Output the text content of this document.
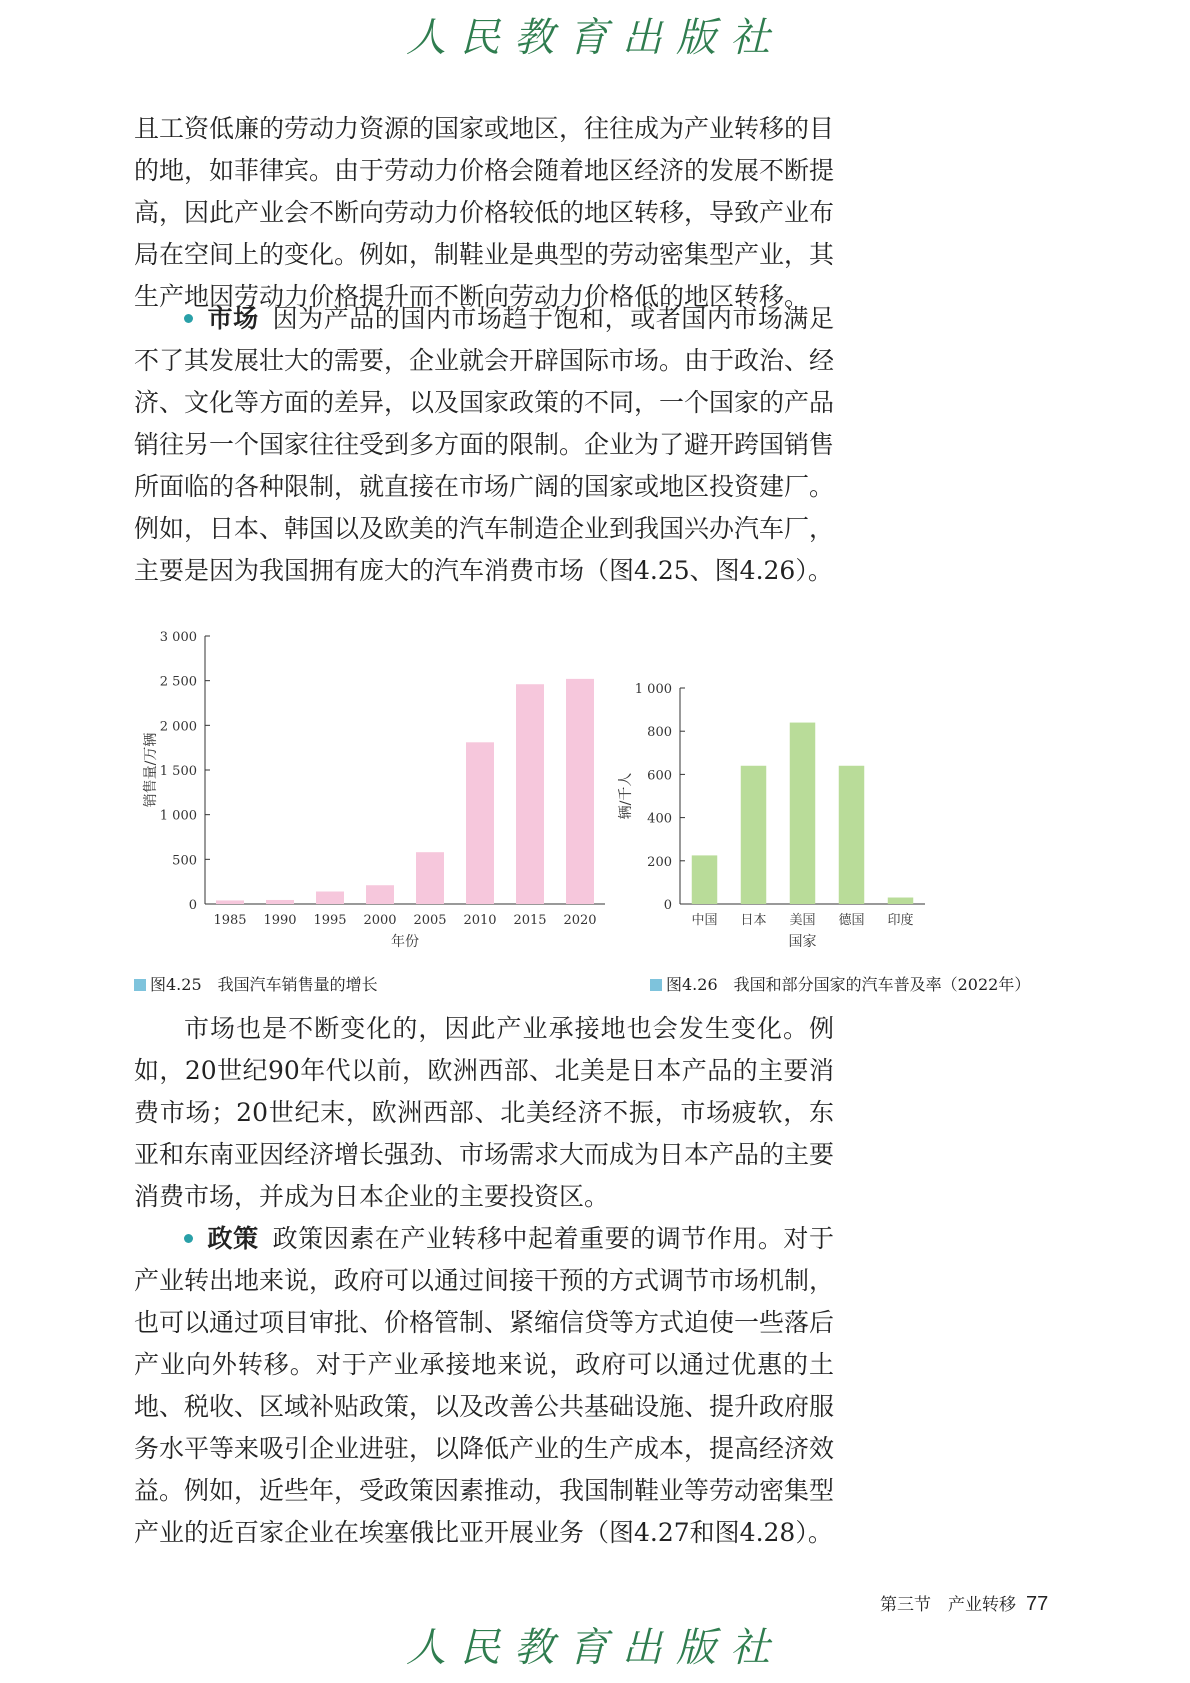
人民教育出版社

且工资低廉的劳动力资源的国家或地区，往往成为产业转移的目的地，如菲律宾。由于劳动力价格会随着地区经济的发展不断提高，因此产业会不断向劳动力价格较低的地区转移，导致产业布局在空间上的变化。例如，制鞋业是典型的劳动密集型产业，其生产地因劳动力价格提升而不断向劳动力价格低的地区转移。

市场 因为产品的国内市场趋于饱和，或者国内市场满足不了其发展壮大的需要，企业就会开辟国际市场。由于政治、经济、文化等方面的差异，以及国家政策的不同，一个国家的产品销往另一个国家往往受到多方面的限制。企业为了避开跨国销售所面临的各种限制，就直接在市场广阔的国家或地区投资建厂。例如，日本、韩国以及欧美的汽车制造企业到我国兴办汽车厂，主要是因为我国拥有庞大的汽车消费市场（图4.25、图4.26）。

0
500
1 000
1 500
2 000
2 500
3 000
1985 1990 1995 2000 2005 2010 2015 2020
年份
销售量/万辆
0
200
400
600
800
1 000
中国 日本 美国 德国 印度
国家
辆/千人
图4.25　我国汽车销售量的增长	图4.26　我国和部分国家的汽车普及率（2022年）

市场也是不断变化的，因此产业承接地也会发生变化。例如，20世纪90年代以前，欧洲西部、北美是日本产品的主要消费市场；20世纪末，欧洲西部、北美经济不振，市场疲软，东亚和东南亚因经济增长强劲、市场需求大而成为日本产品的主要消费市场，并成为日本企业的主要投资区。

政策 政策因素在产业转移中起着重要的调节作用。对于产业转出地来说，政府可以通过间接干预的方式调节市场机制，也可以通过项目审批、价格管制、紧缩信贷等方式迫使一些落后产业向外转移。对于产业承接地来说，政府可以通过优惠的土地、税收、区域补贴政策，以及改善公共基础设施、提升政府服务水平等来吸引企业进驻，以降低产业的生产成本，提高经济效益。例如，近些年，受政策因素推动，我国制鞋业等劳动密集型产业的近百家企业在埃塞俄比亚开展业务（图4.27和图4.28）。

第三节　产业转移 77
人民教育出版社
